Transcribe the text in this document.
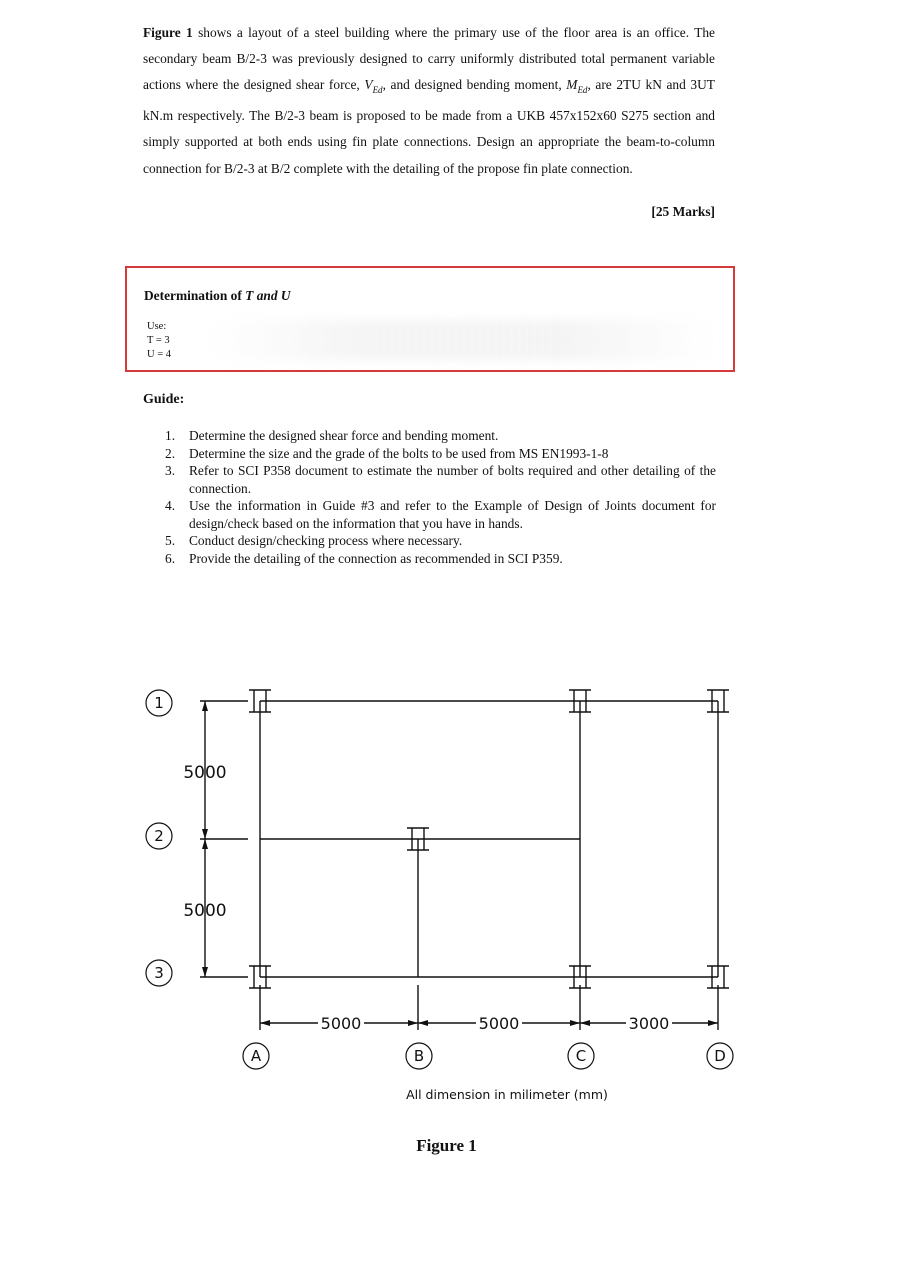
Figure 1 shows a layout of a steel building where the primary use of the floor area is an office. The secondary beam B/2-3 was previously designed to carry uniformly distributed total permanent variable actions where the designed shear force, $V_{Ed}$, and designed bending moment, $M_{Ed}$, are 2TU kN and 3UT kN.m respectively. The B/2-3 beam is proposed to be made from a UKB 457x152x60 S275 section and simply supported at both ends using fin plate connections. Design an appropriate the beam-to-column connection for B/2-3 at B/2 complete with the detailing of the propose fin plate connection.
[25 Marks]
Determination of T and U
Use:
T = 3
U = 4
Guide:
1. Determine the designed shear force and bending moment.
2. Determine the size and the grade of the bolts to be used from MS EN1993-1-8
3. Refer to SCI P358 document to estimate the number of bolts required and other detailing of the connection.
4. Use the information in Guide #3 and refer to the Example of Design of Joints document for design/check based on the information that you have in hands.
5. Conduct design/checking process where necessary.
6. Provide the detailing of the connection as recommended in SCI P359.
1
2
3
A	B	C	D
5000
5000
5000	5000	3000
All dimension in milimeter (mm)
Figure 1
